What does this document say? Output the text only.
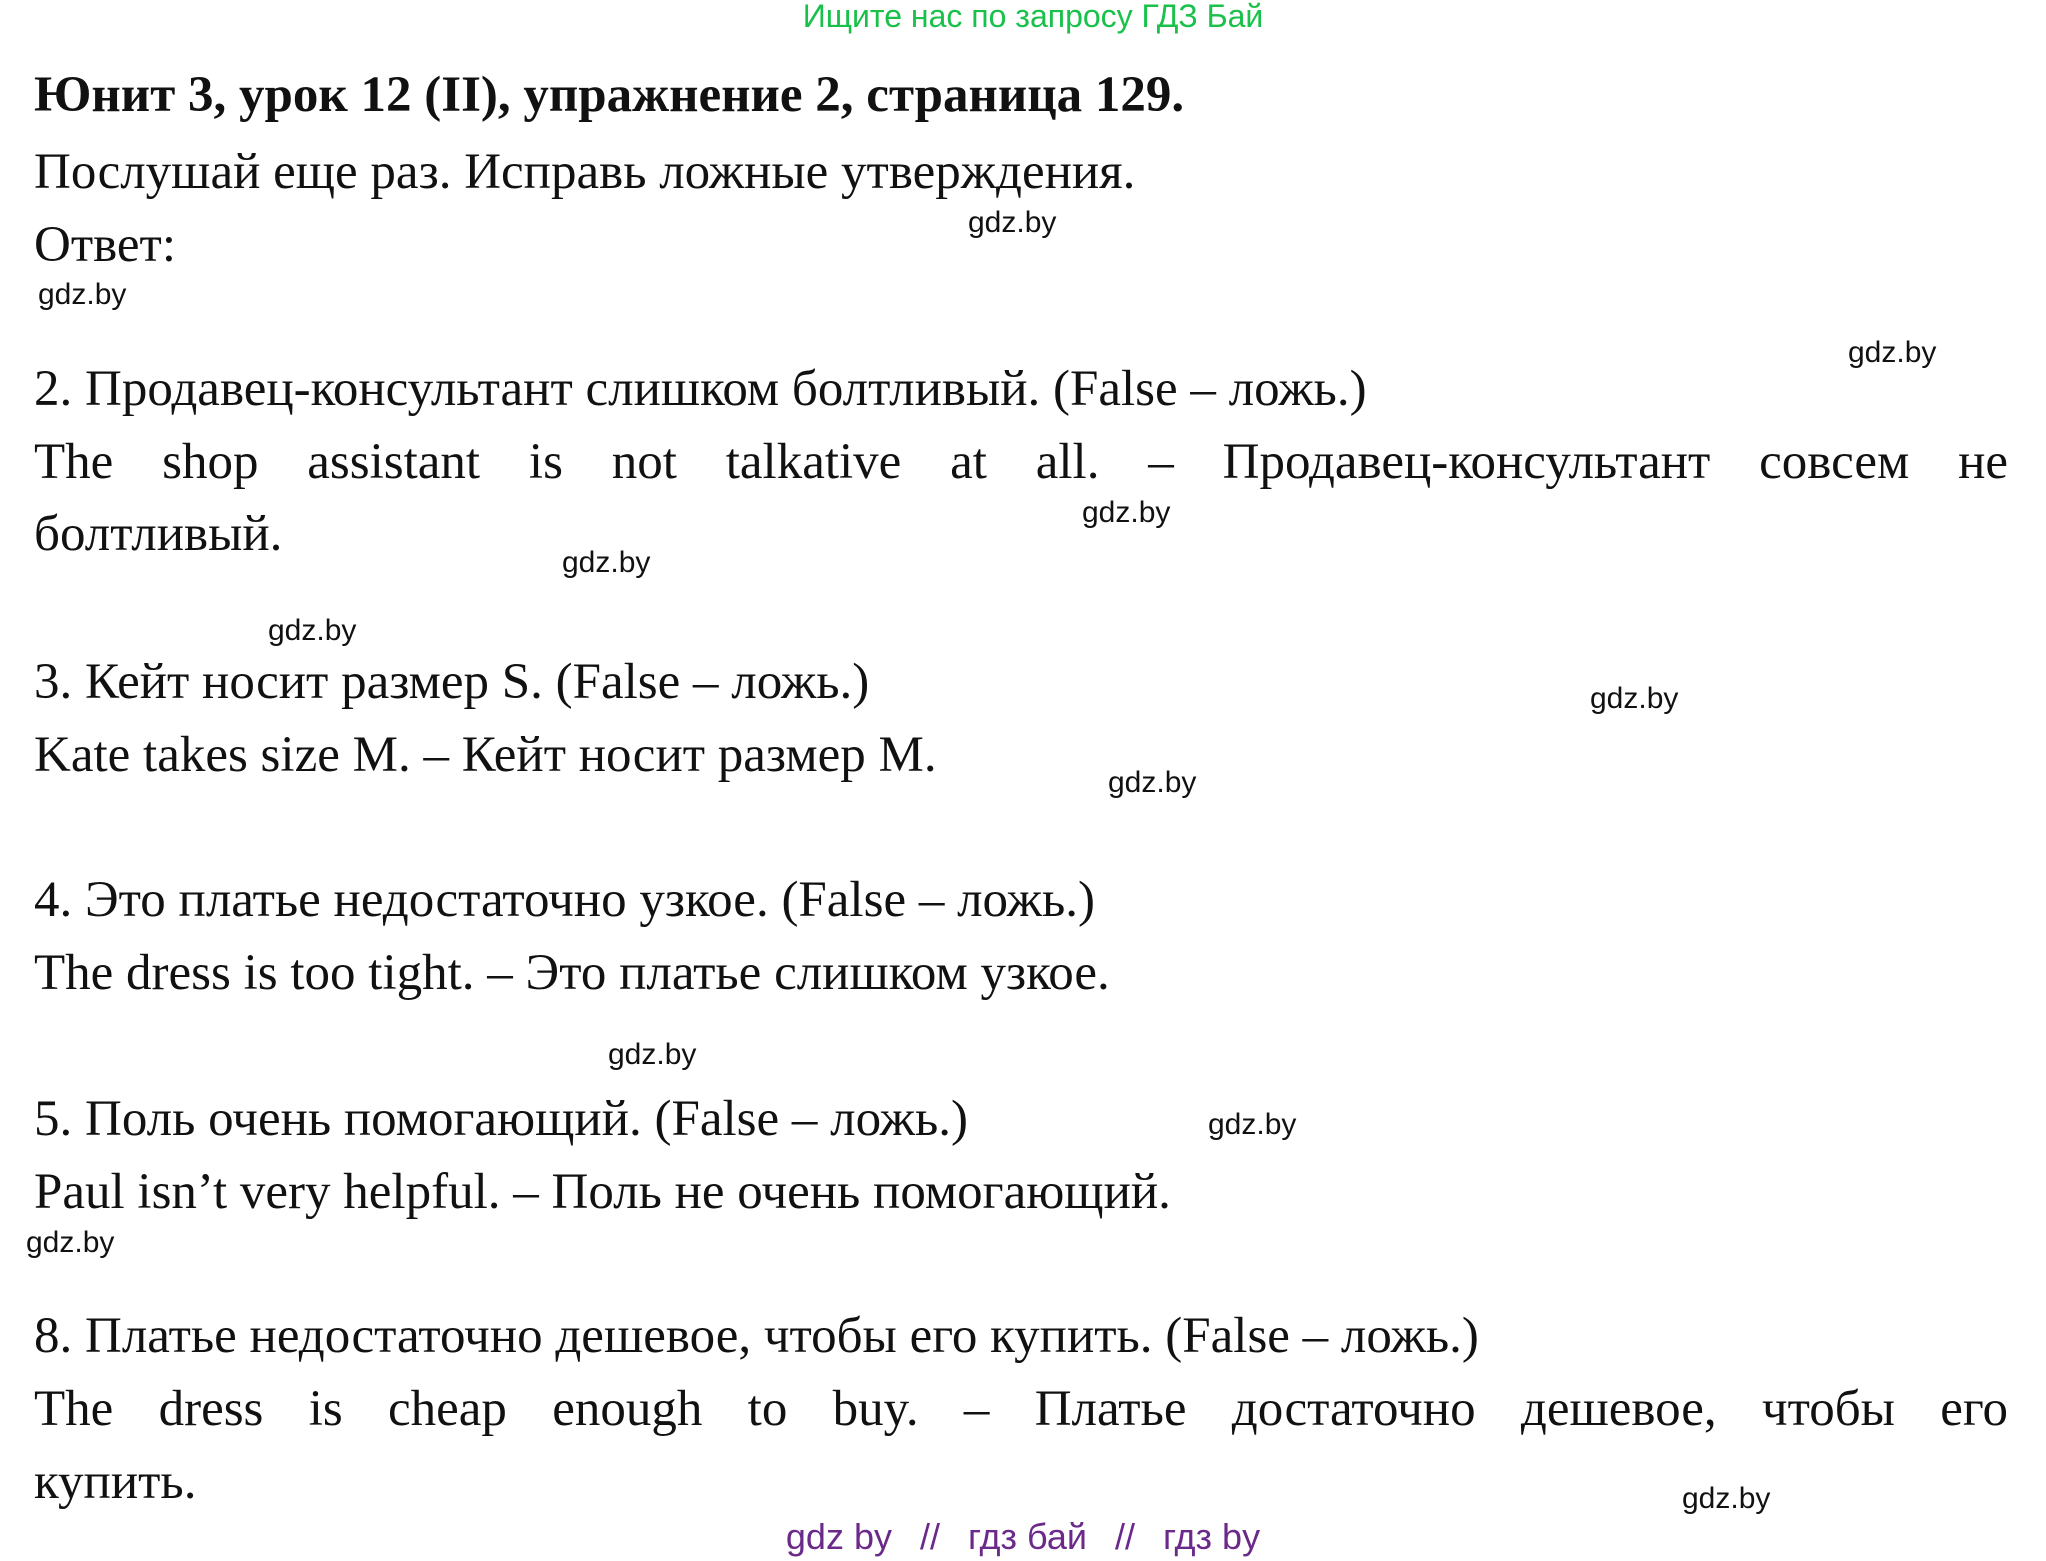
Ищите нас по запросу ГДЗ Бай
Юнит 3, урок 12 (II), упражнение 2, страница 129.
Послушай еще раз. Исправь ложные утверждения.
Ответ:
2. Продавец-консультант слишком болтливый. (False – ложь.)
The shop assistant is not talkative at all. – Продавец-консультант совсем не
болтливый.
3. Кейт носит размер S. (False – ложь.)
Kate takes size M. – Кейт носит размер M.
4. Это платье недостаточно узкое. (False – ложь.)
The dress is too tight. – Это платье слишком узкое.
5. Поль очень помогающий. (False – ложь.)
Paul isn’t very helpful. – Поль не очень помогающий.
8. Платье недостаточно дешевое, чтобы его купить. (False – ложь.)
The dress is cheap enough to buy. – Платье достаточно дешевое, чтобы его
купить.
gdz.by
gdz.by
gdz.by
gdz.by
gdz.by
gdz.by
gdz.by
gdz.by
gdz.by
gdz.by
gdz.by
gdz.by
gdz by // гдз бай // гдз by
